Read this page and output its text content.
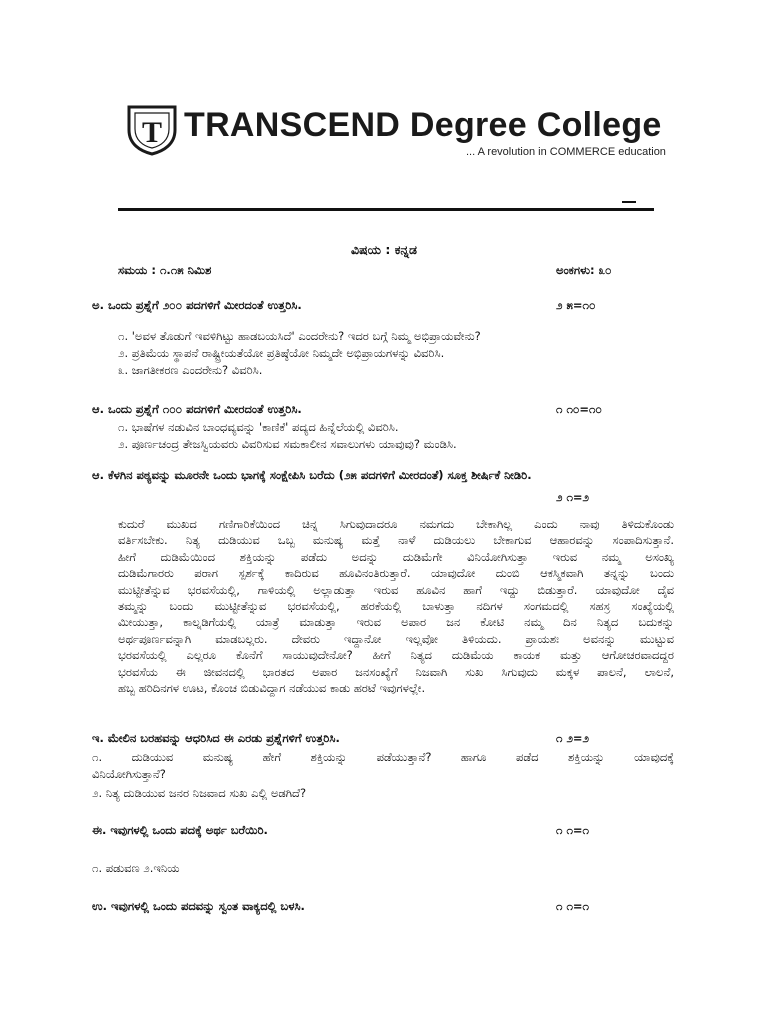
T TRANSCEND Degree College
... A revolution in COMMERCE education
ವಿಷಯ : ಕನ್ನಡ
ಸಮಯ : ೧.೧೫ ನಿಮಿಶ	ಅಂಕಗಳು: ೩೦
ಅ. ಒಂದು ಪ್ರಶ್ನೆಗೆ ೨೦೦ ಪದಗಳಿಗೆ ಮೀರದಂತೆ ಉತ್ತರಿಸಿ.	೨ ೫=೧೦
೧. 'ಅವಳ ತೊಡುಗೆ ಇವಳಿಗಿಟ್ಟು ಹಾಡಬಯಸಿದೆ' ಎಂದರೇನು? ಇದರ ಬಗ್ಗೆ ನಿಮ್ಮ ಅಭಿಪ್ರಾಯವೇನು?
೨. ಪ್ರತಿಮೆಯ ಸ್ಥಾಪನೆ ರಾಷ್ಟ್ರೀಯತೆಯೋ ಪ್ರತಿಷ್ಠೆಯೋ ನಿಮ್ಮದೇ ಅಭಿಪ್ರಾಯಗಳನ್ನು ವಿವರಿಸಿ.
೩. ಜಾಗತೀಕರಣ ಎಂದರೇನು? ವಿವರಿಸಿ.
ಆ. ಒಂದು ಪ್ರಶ್ನೆಗೆ ೧೦೦ ಪದಗಳಿಗೆ ಮೀರದಂತೆ ಉತ್ತರಿಸಿ.	೧ ೧೦=೧೦
೧. ಭಾಷೆಗಳ ನಡುವಿನ ಬಾಂಧವ್ಯವನ್ನು 'ಕಾಣಿಕೆ' ಪದ್ಯದ ಹಿನ್ನೆಲೆಯಲ್ಲಿ ವಿವರಿಸಿ.
೨. ಪೂರ್ಣಚಂದ್ರ ತೇಜಸ್ವಿಯವರು ವಿವರಿಸುವ ಸಮಕಾಲೀನ ಸವಾಲುಗಳು ಯಾವುವು? ಮಂಡಿಸಿ.
ಆ. ಕೆಳಗಿನ ಪಠ್ಯವನ್ನು ಮೂರನೇ ಒಂದು ಭಾಗಕ್ಕೆ ಸಂಕ್ಷೇಪಿಸಿ ಬರೆದು (೨೫ ಪದಗಳಿಗೆ ಮೀರದಂತೆ) ಸೂಕ್ತ ಶೀರ್ಷಿಕೆ ನೀಡಿರಿ.
೨ ೧=೨
ಕುದುರೆ ಮುಖದ ಗಣಿಗಾರಿಕೆಯಿಂದ ಚಿನ್ನ ಸಿಗುವುದಾದರೂ ನಮಗದು ಬೇಕಾಗಿಲ್ಲ ಎಂದು ನಾವು ತಿಳಿದುಕೊಂಡು
ವರ್ತಿಸಬೇಕು. ನಿತ್ಯ ದುಡಿಯುವ ಒಬ್ಬ ಮನುಷ್ಯ ಮತ್ತೆ ನಾಳೆ ದುಡಿಯಲು ಬೇಕಾಗುವ ಆಹಾರವನ್ನು ಸಂಪಾದಿಸುತ್ತಾನೆ.
ಹೀಗೆ ದುಡಿಮೆಯಿಂದ ಶಕ್ತಿಯನ್ನು ಪಡೆದು ಅದನ್ನು ದುಡಿಮೆಗೇ ವಿನಿಯೋಗಿಸುತ್ತಾ ಇರುವ ನಮ್ಮ ಅಸಂಖ್ಯ
ದುಡಿಮೆಗಾರರು ಪರಾಗ ಸ್ಪರ್ಶಕ್ಕೆ ಕಾದಿರುವ ಹೂವಿನಂತಿರುತ್ತಾರೆ. ಯಾವುದೋ ದುಂಬಿ ಆಕಸ್ಮಿಕವಾಗಿ ತನ್ನನ್ನು ಬಂದು
ಮುಟ್ಟೀತೆನ್ನುವ ಭರವಸೆಯಲ್ಲಿ, ಗಾಳಿಯಲ್ಲಿ ಅಲ್ಲಾಡುತ್ತಾ ಇರುವ ಹೂವಿನ ಹಾಗೆ ಇದ್ದು ಬಿಡುತ್ತಾರೆ. ಯಾವುದೋ ದೈವ
ತಮ್ಮನ್ನು ಬಂದು ಮುಟ್ಟೀತೆನ್ನುವ ಭರವಸೆಯಲ್ಲಿ, ಹರಕೆಯಲ್ಲಿ ಬಾಳುತ್ತಾ ನದಿಗಳ ಸಂಗಮದಲ್ಲಿ ಸಹಸ್ರ ಸಂಖ್ಯೆಯಲ್ಲಿ
ಮೀಯುತ್ತಾ, ಕಾಲ್ನಡಿಗೆಯಲ್ಲಿ ಯಾತ್ರೆ ಮಾಡುತ್ತಾ ಇರುವ ಅಪಾರ ಜನ ಕೋಟಿ ನಮ್ಮ ದಿನ ನಿತ್ಯದ ಬದುಕನ್ನು
ಅರ್ಥಪೂರ್ಣವನ್ನಾಗಿ ಮಾಡಬಲ್ಲರು. ದೇವರು ಇದ್ದಾನೋ ಇಲ್ಲವೋ ತಿಳಿಯದು. ಪ್ರಾಯಶಃ ಅವನನ್ನು ಮುಟ್ಟುವ
ಭರವಸೆಯಲ್ಲಿ ಎಲ್ಲರೂ ಕೊನೆಗೆ ಸಾಯುವುದೇನೋ? ಹೀಗೆ ನಿತ್ಯದ ದುಡಿಮೆಯ ಕಾಯಕ ಮತ್ತು ಆಗೋಚರವಾದದ್ದರ
ಭರವಸೆಯ ಈ ಜೀವನದಲ್ಲಿ ಭಾರತದ ಅಪಾರ ಜನಸಂಖ್ಯೆಗೆ ನಿಜವಾಗಿ ಸುಖ ಸಿಗುವುದು ಮಕ್ಕಳ ಪಾಲನೆ, ಲಾಲನೆ,
ಹಬ್ಬ ಹರಿದಿನಗಳ ಊಟ, ಕೊಂಚ ಬಿಡುವಿದ್ದಾಗ ನಡೆಯುವ ಕಾಡು ಹರಟೆ ಇವುಗಳಲ್ಲೇ.
ಇ. ಮೇಲಿನ ಬರಹವನ್ನು ಆಧರಿಸಿದ ಈ ಎರಡು ಪ್ರಶ್ನೆಗಳಿಗೆ ಉತ್ತರಿಸಿ.	೧ ೨=೨
೧. ದುಡಿಯುವ ಮನುಷ್ಯ ಹೇಗೆ ಶಕ್ತಿಯನ್ನು ಪಡೆಯುತ್ತಾನೆ? ಹಾಗೂ ಪಡೆದ ಶಕ್ತಿಯನ್ನು ಯಾವುದಕ್ಕೆ
ವಿನಿಯೋಗಿಸುತ್ತಾನೆ?
೨. ನಿತ್ಯ ದುಡಿಯುವ ಜನರ ನಿಜವಾದ ಸುಖ ಎಲ್ಲಿ ಅಡಗಿದೆ?
ಈ. ಇವುಗಳಲ್ಲಿ ಒಂದು ಪದಕ್ಕೆ ಅರ್ಥ ಬರೆಯಿರಿ.	೧ ೧=೧
೧. ಪಡುವಣ ೨.ಇನಿಯ
ಉ. ಇವುಗಳಲ್ಲಿ ಒಂದು ಪದವನ್ನು ಸ್ವಂತ ವಾಕ್ಯದಲ್ಲಿ ಬಳಸಿ.	೧ ೧=೧
